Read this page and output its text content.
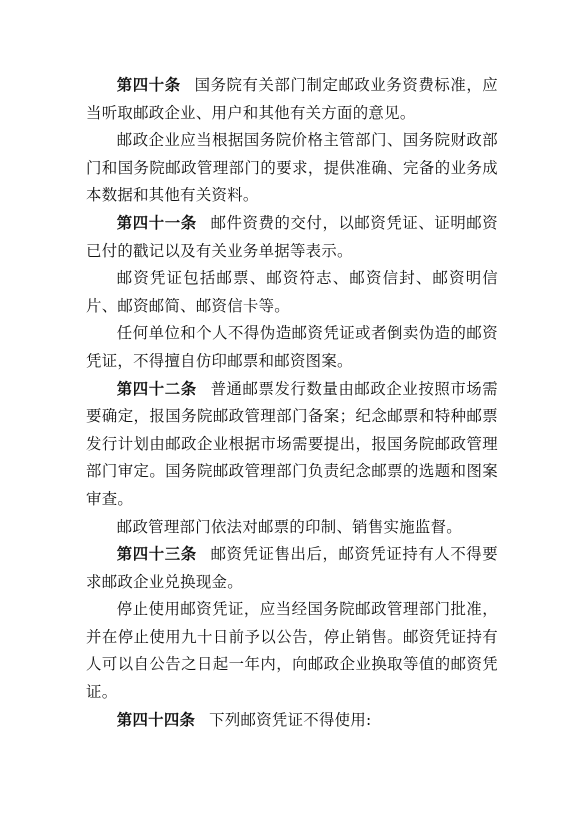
第四十条 国务院有关部门制定邮政业务资费标准，应当听取邮政企业、用户和其他有关方面的意见。

邮政企业应当根据国务院价格主管部门、国务院财政部门和国务院邮政管理部门的要求，提供准确、完备的业务成本数据和其他有关资料。

第四十一条 邮件资费的交付，以邮资凭证、证明邮资已付的戳记以及有关业务单据等表示。

邮资凭证包括邮票、邮资符志、邮资信封、邮资明信片、邮资邮简、邮资信卡等。

任何单位和个人不得伪造邮资凭证或者倒卖伪造的邮资凭证，不得擅自仿印邮票和邮资图案。

第四十二条 普通邮票发行数量由邮政企业按照市场需要确定，报国务院邮政管理部门备案；纪念邮票和特种邮票发行计划由邮政企业根据市场需要提出，报国务院邮政管理部门审定。国务院邮政管理部门负责纪念邮票的选题和图案审查。

邮政管理部门依法对邮票的印制、销售实施监督。

第四十三条 邮资凭证售出后，邮资凭证持有人不得要求邮政企业兑换现金。

停止使用邮资凭证，应当经国务院邮政管理部门批准，并在停止使用九十日前予以公告，停止销售。邮资凭证持有人可以自公告之日起一年内，向邮政企业换取等值的邮资凭证。

第四十四条 下列邮资凭证不得使用:
